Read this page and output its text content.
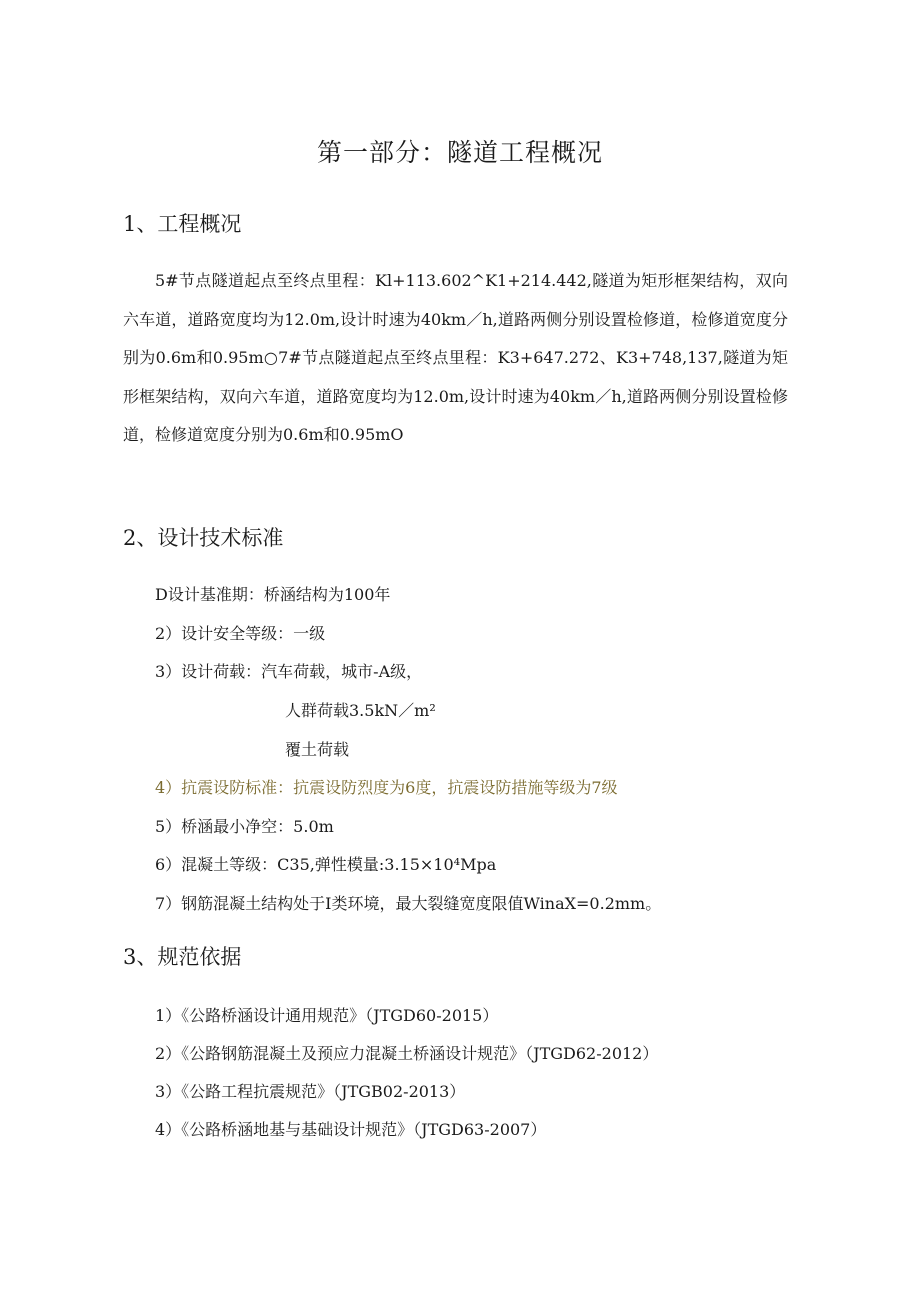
第一部分：隧道工程概况
1、工程概况

5#节点隧道起点至终点里程：Kl+113.602^K1+214.442,隧道为矩形框架结构，双向六车道，道路宽度均为12.0m,设计时速为40km／h,道路两侧分别设置检修道，检修道宽度分别为0.6m和0.95m○7#节点隧道起点至终点里程：K3+647.272、K3+748,137,隧道为矩形框架结构，双向六车道，道路宽度均为12.0m,设计时速为40km／h,道路两侧分别设置检修道，检修道宽度分别为0.6m和0.95mO

2、设计技术标准
D设计基准期：桥涵结构为100年
2）设计安全等级：一级
3）设计荷载：汽车荷载，城市-A级，
人群荷载3.5kN／m²
覆土荷载
4）抗震设防标准：抗震设防烈度为6度，抗震设防措施等级为7级
5）桥涵最小净空：5.0m
6）混凝土等级：C35,弹性模量:3.15×10⁴Mpa
7）钢筋混凝土结构处于I类环境，最大裂缝宽度限值WinaX=0.2mm。
3、规范依据
1）《公路桥涵设计通用规范》（JTGD60-2015）
2）《公路钢筋混凝土及预应力混凝土桥涵设计规范》（JTGD62-2012）
3）《公路工程抗震规范》（JTGB02-2013）
4）《公路桥涵地基与基础设计规范》（JTGD63-2007）
